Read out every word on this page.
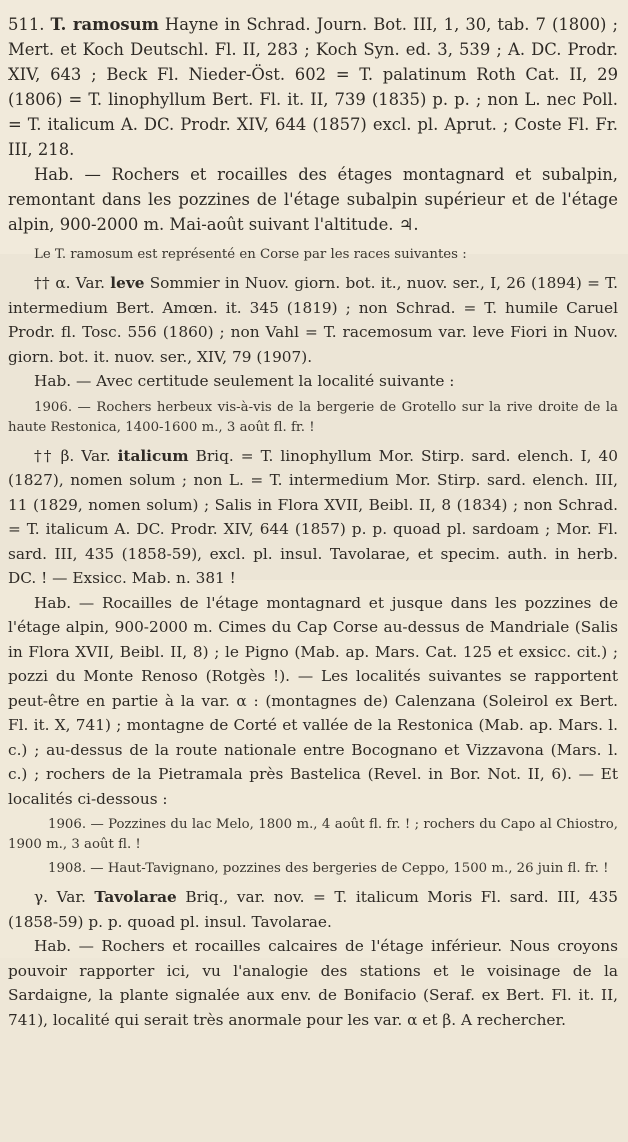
511. T. ramosum Hayne in Schrad. Journ. Bot. III, 1, 30, tab. 7 (1800) ; Mert. et Koch Deutschl. Fl. II, 283 ; Koch Syn. ed. 3, 539 ; A. DC. Prodr. XIV, 643 ; Beck Fl. Nieder-Öst. 602 = T. palatinum Roth Cat. II, 29 (1806) = T. linophyllum Bert. Fl. it. II, 739 (1835) p. p. ; non L. nec Poll. = T. italicum A. DC. Prodr. XIV, 644 (1857) excl. pl. Aprut. ; Coste Fl. Fr. III, 218.

Hab. — Rochers et rocailles des étages montagnard et subalpin, remontant dans les pozzines de l'étage subalpin supérieur et de l'étage alpin, 900-2000 m. Mai-août suivant l'altitude. ♃.

Le T. ramosum est représenté en Corse par les races suivantes :

†† α. Var. leve Sommier in Nuov. giorn. bot. it., nuov. ser., I, 26 (1894) = T. intermedium Bert. Amœn. it. 345 (1819) ; non Schrad. = T. humile Caruel Prodr. fl. Tosc. 556 (1860) ; non Vahl = T. racemosum var. leve Fiori in Nuov. giorn. bot. it. nuov. ser., XIV, 79 (1907).

Hab. — Avec certitude seulement la localité suivante :

1906. — Rochers herbeux vis-à-vis de la bergerie de Grotello sur la rive droite de la haute Restonica, 1400-1600 m., 3 août fl. fr. !

†† β. Var. italicum Briq. = T. linophyllum Mor. Stirp. sard. elench. I, 40 (1827), nomen solum ; non L. = T. intermedium Mor. Stirp. sard. elench. III, 11 (1829, nomen solum) ; Salis in Flora XVII, Beibl. II, 8 (1834) ; non Schrad. = T. italicum A. DC. Prodr. XIV, 644 (1857) p. p. quoad pl. sardoam ; Mor. Fl. sard. III, 435 (1858-59), excl. pl. insul. Tavolarae, et specim. auth. in herb. DC. ! — Exsicc. Mab. n. 381 !

Hab. — Rocailles de l'étage montagnard et jusque dans les pozzines de l'étage alpin, 900-2000 m. Cimes du Cap Corse au-dessus de Mandriale (Salis in Flora XVII, Beibl. II, 8) ; le Pigno (Mab. ap. Mars. Cat. 125 et exsicc. cit.) ; pozzi du Monte Renoso (Rotgès !). — Les localités suivantes se rapportent peut-être en partie à la var. α : (montagnes de) Calenzana (Soleirol ex Bert. Fl. it. X, 741) ; montagne de Corté et vallée de la Restonica (Mab. ap. Mars. l. c.) ; au-dessus de la route nationale entre Bocognano et Vizzavona (Mars. l. c.) ; rochers de la Pietramala près Bastelica (Revel. in Bor. Not. II, 6). — Et localités ci-dessous :

1906. — Pozzines du lac Melo, 1800 m., 4 août fl. fr. ! ; rochers du Capo al Chiostro, 1900 m., 3 août fl. !

1908. — Haut-Tavignano, pozzines des bergeries de Ceppo, 1500 m., 26 juin fl. fr. !

γ. Var. Tavolarae Briq., var. nov. = T. italicum Moris Fl. sard. III, 435 (1858-59) p. p. quoad pl. insul. Tavolarae.

Hab. — Rochers et rocailles calcaires de l'étage inférieur. Nous croyons pouvoir rapporter ici, vu l'analogie des stations et le voisinage de la Sardaigne, la plante signalée aux env. de Bonifacio (Seraf. ex Bert. Fl. it. II, 741), localité qui serait très anormale pour les var. α et β. A rechercher.
